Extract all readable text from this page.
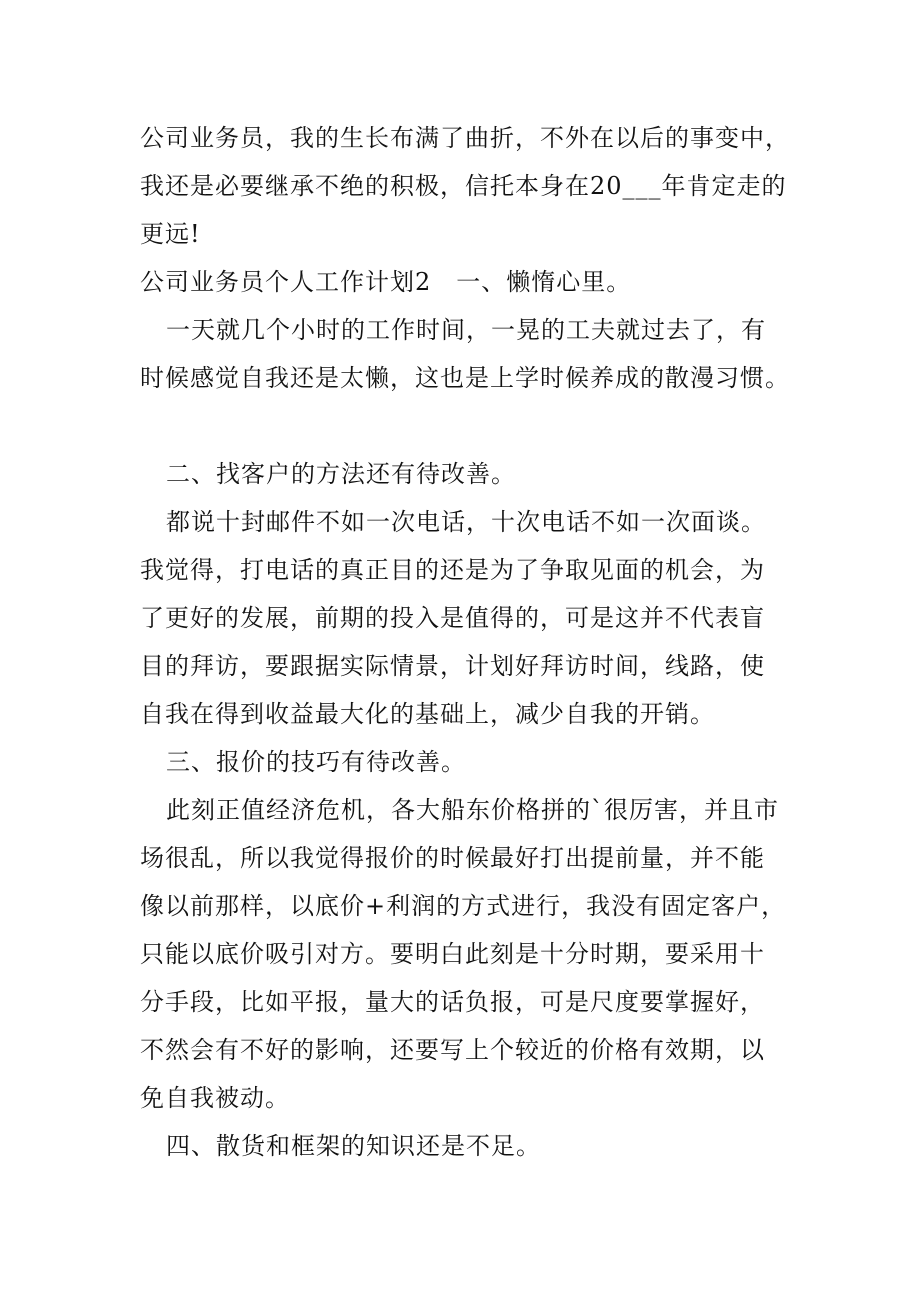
公司业务员，我的生长布满了曲折，不外在以后的事变中，
我还是必要继承不绝的积极，信托本身在20___年肯定走的
更远!
公司业务员个人工作计划2　一、懒惰心里。
一天就几个小时的工作时间，一晃的工夫就过去了，有
时候感觉自我还是太懒，这也是上学时候养成的散漫习惯。
二、找客户的方法还有待改善。
都说十封邮件不如一次电话，十次电话不如一次面谈。
我觉得，打电话的真正目的还是为了争取见面的机会，为
了更好的发展，前期的投入是值得的，可是这并不代表盲
目的拜访，要跟据实际情景，计划好拜访时间，线路，使
自我在得到收益最大化的基础上，减少自我的开销。
三、报价的技巧有待改善。
此刻正值经济危机，各大船东价格拼的`很厉害，并且市
场很乱，所以我觉得报价的时候最好打出提前量，并不能
像以前那样，以底价+利润的方式进行，我没有固定客户，
只能以底价吸引对方。要明白此刻是十分时期，要采用十
分手段，比如平报，量大的话负报，可是尺度要掌握好，
不然会有不好的影响，还要写上个较近的价格有效期，以
免自我被动。
四、散货和框架的知识还是不足。
